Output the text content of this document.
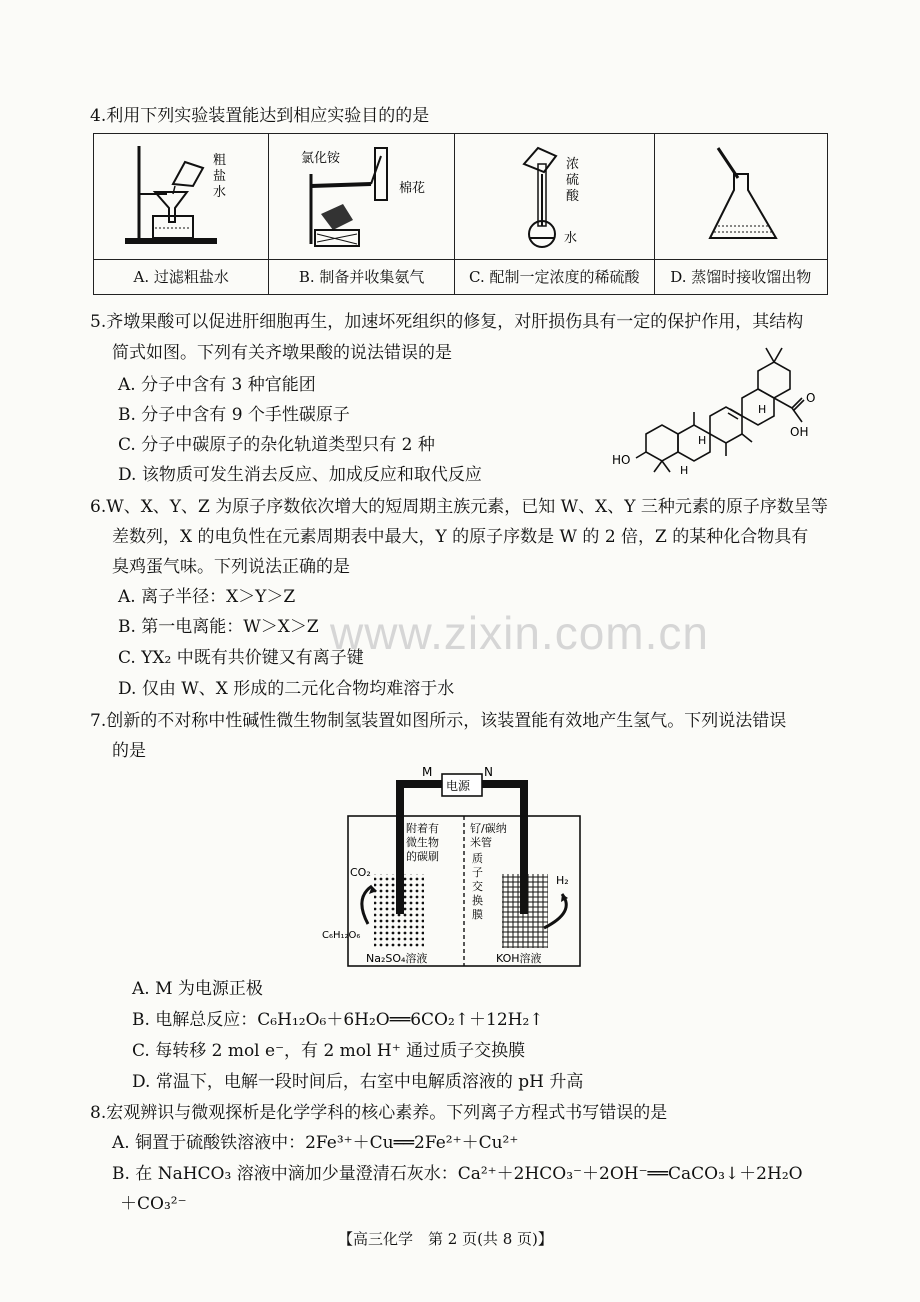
4.利用下列实验装置能达到相应实验目的的是
粗
盐
水	氯化铵
棉花	浓
硫
酸
水

A. 过滤粗盐水	B. 制备并收集氨气	C. 配制一定浓度的稀硫酸	D. 蒸馏时接收馏出物
5.齐墩果酸可以促进肝细胞再生，加速坏死组织的修复，对肝损伤具有一定的保护作用，其结构
简式如图。下列有关齐墩果酸的说法错误的是
A. 分子中含有 3 种官能团
B. 分子中含有 9 个手性碳原子
C. 分子中碳原子的杂化轨道类型只有 2 种
D. 该物质可发生消去反应、加成反应和取代反应
HO
O
OH
H
H
H
6.W、X、Y、Z 为原子序数依次增大的短周期主族元素，已知 W、X、Y 三种元素的原子序数呈等
差数列，X 的电负性在元素周期表中最大，Y 的原子序数是 W 的 2 倍，Z 的某种化合物具有
臭鸡蛋气味。下列说法正确的是
A. 离子半径：X＞Y＞Z
B. 第一电离能：W＞X＞Z
C. YX₂ 中既有共价键又有离子键
D. 仅由 W、X 形成的二元化合物均难溶于水
www.zixin.com.cn
7.创新的不对称中性碱性微生物制氢装置如图所示，该装置能有效地产生氢气。下列说法错误
的是
电源
M	N
附着有
微生物
的碳刷
钌/碳纳
米管
质
子
交
换
膜
CO₂
H₂
C₆H₁₂O₆
Na₂SO₄溶液	KOH溶液
A. M 为电源正极
B. 电解总反应：C₆H₁₂O₆＋6H₂O══6CO₂↑＋12H₂↑
C. 每转移 2 mol e⁻，有 2 mol H⁺ 通过质子交换膜
D. 常温下，电解一段时间后，右室中电解质溶液的 pH 升高
8.宏观辨识与微观探析是化学学科的核心素养。下列离子方程式书写错误的是
A. 铜置于硫酸铁溶液中：2Fe³⁺＋Cu══2Fe²⁺＋Cu²⁺
B. 在 NaHCO₃ 溶液中滴加少量澄清石灰水：Ca²⁺＋2HCO₃⁻＋2OH⁻══CaCO₃↓＋2H₂O
＋CO₃²⁻
【高三化学　第 2 页(共 8 页)】
